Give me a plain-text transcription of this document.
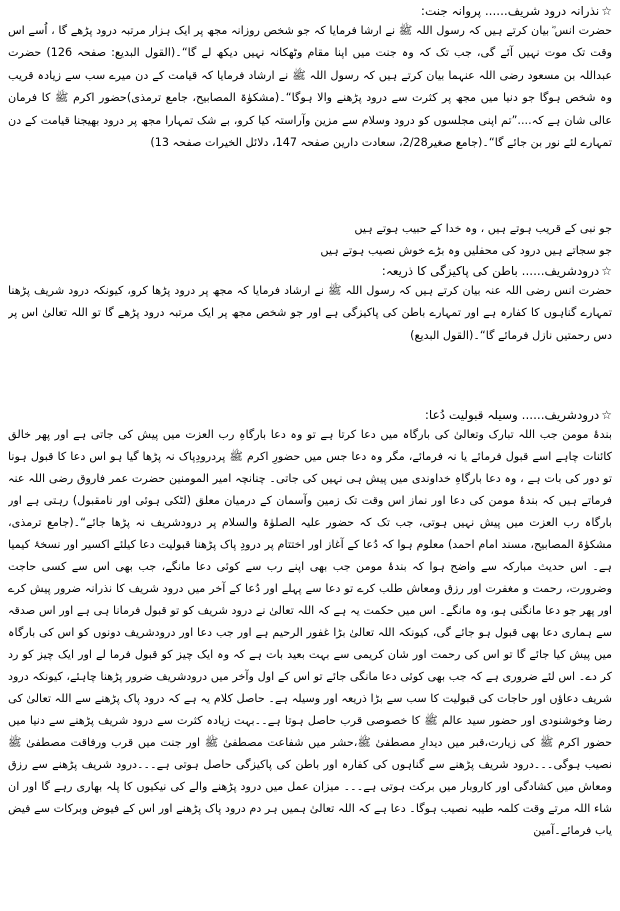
☆نذرانہ درود شریف...... پروانہ جنت:

حضرت انس ؓ بیان کرتے ہیں کہ رسول اللہ ﷺ نے ارشا فرمایا کہ جو شخص روزانہ مجھ پر ایک ہزار مرتبہ درود پڑھے گا ، اُسے اس وقت تک موت نہیں آئے گی، جب تک کہ وہ جنت میں اپنا مقام وٹھکانہ نہیں دیکھ لے گا“۔(القول البدیع: صفحہ 126) حضرت عبداللہ بن مسعود رضی اللہ عنہما بیان کرتے ہیں کہ رسول اللہ ﷺ نے ارشاد فرمایا کہ قیامت کے دن میرے سب سے زیادہ قریب وہ شخص ہوگا جو دنیا میں مجھ پر کثرت سے درود پڑھنے والا ہوگا“۔(مشکوٰۃ المصابیح، جامع ترمذی)حضور اکرم ﷺ کا فرمان عالی شان ہے کہ....”تم اپنی مجلسوں کو درود وسلام سے مزین وآراستہ کیا کرو، بے شک تمہارا مجھ پر درود بھیجنا قیامت کے دن تمہارے لئے نور بن جائے گا“۔(جامع صغیر2/28، سعادت دارین صفحہ 147، دلائل الخیرات صفحہ 13)

جو نبی کے قریب ہوتے ہیں ، وہ خدا کے حبیب ہوتے ہیں

جو سجاتے ہیں درود کی محفلیں وہ بڑے خوش نصیب ہوتے ہیں

☆درودشریف...... باطن کی پاکیزگی کا ذریعہ:

حضرت انس رضی اللہ عنہ بیان کرتے ہیں کہ رسول اللہ ﷺ نے ارشاد فرمایا کہ مجھ پر درود پڑھا کرو، کیونکہ درود شریف پڑھنا تمہارے گناہوں کا کفارہ ہے اور تمہارے باطن کی پاکیزگی ہے اور جو شخص مجھ پر ایک مرتبہ درود پڑھے گا تو اللہ تعالیٰ اس پر دس رحمتیں نازل فرمائے گا“۔(القول البدیع)

☆درودشریف...... وسیلہ قبولیت دُعا:

بندۂ مومن جب اللہ تبارک وتعالیٰ کی بارگاہ میں دعا کرتا ہے تو وہ دعا بارگاہِ رب العزت میں پیش کی جاتی ہے اور پھر خالق کائنات چاہے اسے قبول فرمائے یا نہ فرمائے، مگر وہ دعا جس میں حضورِ اکرم ﷺ پردرودِپاک نہ پڑھا گیا ہو اس دعا کا قبول ہونا تو دور کی بات ہے ، وہ دعا بارگاہِ خداوندی میں پیش ہی نہیں کی جاتی۔ چنانچہ امیر المومنین حضرت عمر فاروق رضی اللہ عنہ فرماتے ہیں کہ بندۂ مومن کی دعا اور نماز اس وقت تک زمین وآسمان کے درمیان معلق (لٹکی ہوئی اور نامقبول) رہتی ہے اور بارگاہ رب العزت میں پیش نہیں ہوتی، جب تک کہ حضور علیہ الصلوٰۃ والسلام پر درودشریف نہ پڑھا جائے“۔(جامع ترمذی، مشکوٰۃ المصابیح، مسند امام احمد) معلوم ہوا کہ دُعا کے آغاز اور اختتام پر درودِ پاک پڑھنا قبولیت دعا کیلئے اکسیر اور نسخۂ کیمیا ہے۔ اس حدیث مبارکہ سے واضح ہوا کہ بندۂ مومن جب بھی اپنے رب سے کوئی دعا مانگے، جب بھی اس سے کسی حاجت وضرورت، رحمت و مغفرت اور رزق ومعاش طلب کرے تو دعا سے پہلے اور دُعا کے آخر میں درود شریف کا نذرانہ ضرور پیش کرے اور پھر جو دعا مانگنی ہو، وہ مانگے۔ اس میں حکمت یہ ہے کہ اللہ تعالیٰ نے درود شریف کو تو قبول فرمانا ہی ہے اور اس صدقہ سے ہماری دعا بھی قبول ہو جائے گی، کیونکہ اللہ تعالیٰ بڑا غفور الرحیم ہے اور جب دعا اور درودشریف دونوں کو اس کی بارگاہ میں پیش کیا جائے گا تو اس کی رحمت اور شان کریمی سے بہت بعید بات ہے کہ وہ ایک چیز کو قبول فرما لے اور ایک چیز کو رد کر دے۔ اس لئے ضروری ہے کہ جب بھی کوئی دعا مانگی جائے تو اس کے اول وآخر میں درودشریف ضرور پڑھنا چاہئے، کیونکہ درود شریف دعاؤں اور حاجات کی قبولیت کا سب سے بڑا ذریعہ اور وسیلہ ہے۔ حاصل کلام یہ ہے کہ درود پاک پڑھنے سے اللہ تعالیٰ کی رضا وخوشنودی اور حضور سید عالم ﷺ کا خصوصی قرب حاصل ہوتا ہے۔۔بہت زیادہ کثرت سے درود شریف پڑھنے سے دنیا میں حضور اکرم ﷺ کی زیارت،قبر میں دیدارِ مصطفیٰ ﷺ،حشر میں شفاعت مصطفیٰ ﷺ اور جنت میں قرب ورفاقت مصطفیٰ ﷺ نصیب ہوگی۔۔۔درود شریف پڑھنے سے گناہوں کی کفارہ اور باطن کی پاکیزگی حاصل ہوتی ہے۔۔۔درود شریف پڑھنے سے رزق ومعاش میں کشادگی اور کاروبار میں برکت ہوتی ہے۔۔۔ میزان عمل میں درود پڑھنے والے کی نیکیوں کا پلہ بھاری رہے گا اور ان شاء اللہ مرتے وقت کلمہ طیبہ نصیب ہوگا۔ دعا ہے کہ اللہ تعالیٰ ہمیں ہر دم درود پاک پڑھنے اور اس کے فیوض وبرکات سے فیض یاب فرمائے۔آمین
